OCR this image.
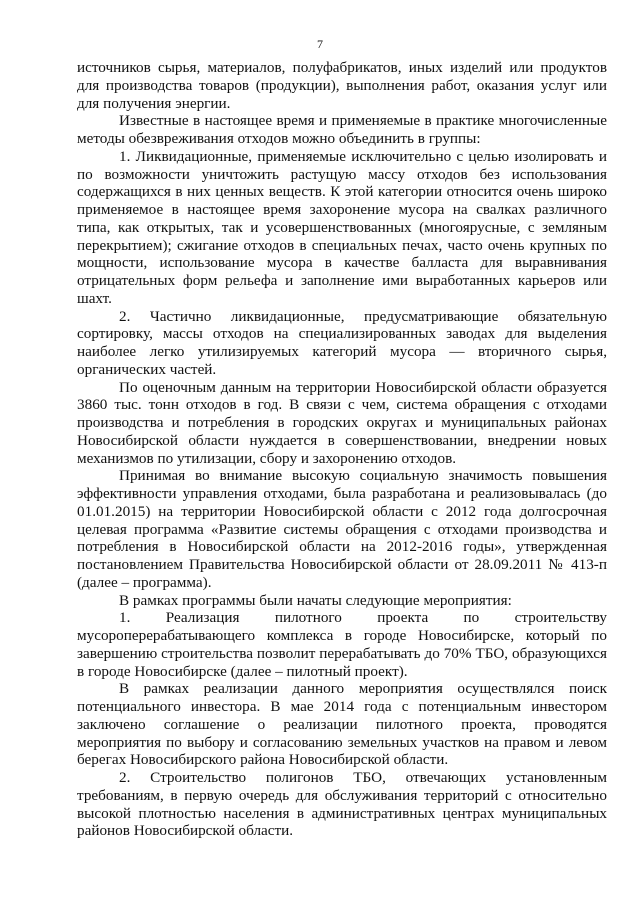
7

источников сырья, материалов, полуфабрикатов, иных изделий или продуктов для производства товаров (продукции), выполнения работ, оказания услуг или для получения энергии.

Известные в настоящее время и применяемые в практике многочисленные методы обезвреживания отходов можно объединить в группы:

1. Ликвидационные, применяемые исключительно с целью изолировать и по возможности уничтожить растущую массу отходов без использования содержащихся в них ценных веществ. К этой категории относится очень широко применяемое в настоящее время захоронение мусора на свалках различного типа, как открытых, так и усовершенствованных (многоярусные, с земляным перекрытием); сжигание отходов в специальных печах, часто очень крупных по мощности, использование мусора в качестве балласта для выравнивания отрицательных форм рельефа и заполнение ими выработанных карьеров или шахт.

2. Частично ликвидационные, предусматривающие обязательную сортировку, массы отходов на специализированных заводах для выделения наиболее легко утилизируемых категорий мусора — вторичного сырья, органических частей.

По оценочным данным на территории Новосибирской области образуется 3860 тыс. тонн отходов в год. В связи с чем, система обращения с отходами производства и потребления в городских округах и муниципальных районах Новосибирской области нуждается в совершенствовании, внедрении новых механизмов по утилизации, сбору и захоронению отходов.

Принимая во внимание высокую социальную значимость повышения эффективности управления отходами, была разработана и реализовывалась (до 01.01.2015) на территории Новосибирской области с 2012 года долгосрочная целевая программа «Развитие системы обращения с отходами производства и потребления в Новосибирской области на 2012-2016 годы», утвержденная постановлением Правительства Новосибирской области от 28.09.2011 № 413-п (далее – программа).

В рамках программы были начаты следующие мероприятия:

1. Реализация пилотного проекта по строительству мусороперерабатывающего комплекса в городе Новосибирске, который по завершению строительства позволит перерабатывать до 70% ТБО, образующихся в городе Новосибирске (далее – пилотный проект).

В рамках реализации данного мероприятия осуществлялся поиск потенциального инвестора. В мае 2014 года с потенциальным инвестором заключено соглашение о реализации пилотного проекта, проводятся мероприятия по выбору и согласованию земельных участков на правом и левом берегах Новосибирского района Новосибирской области.

2. Строительство полигонов ТБО, отвечающих установленным требованиям, в первую очередь для обслуживания территорий с относительно высокой плотностью населения в административных центрах муниципальных районов Новосибирской области.
